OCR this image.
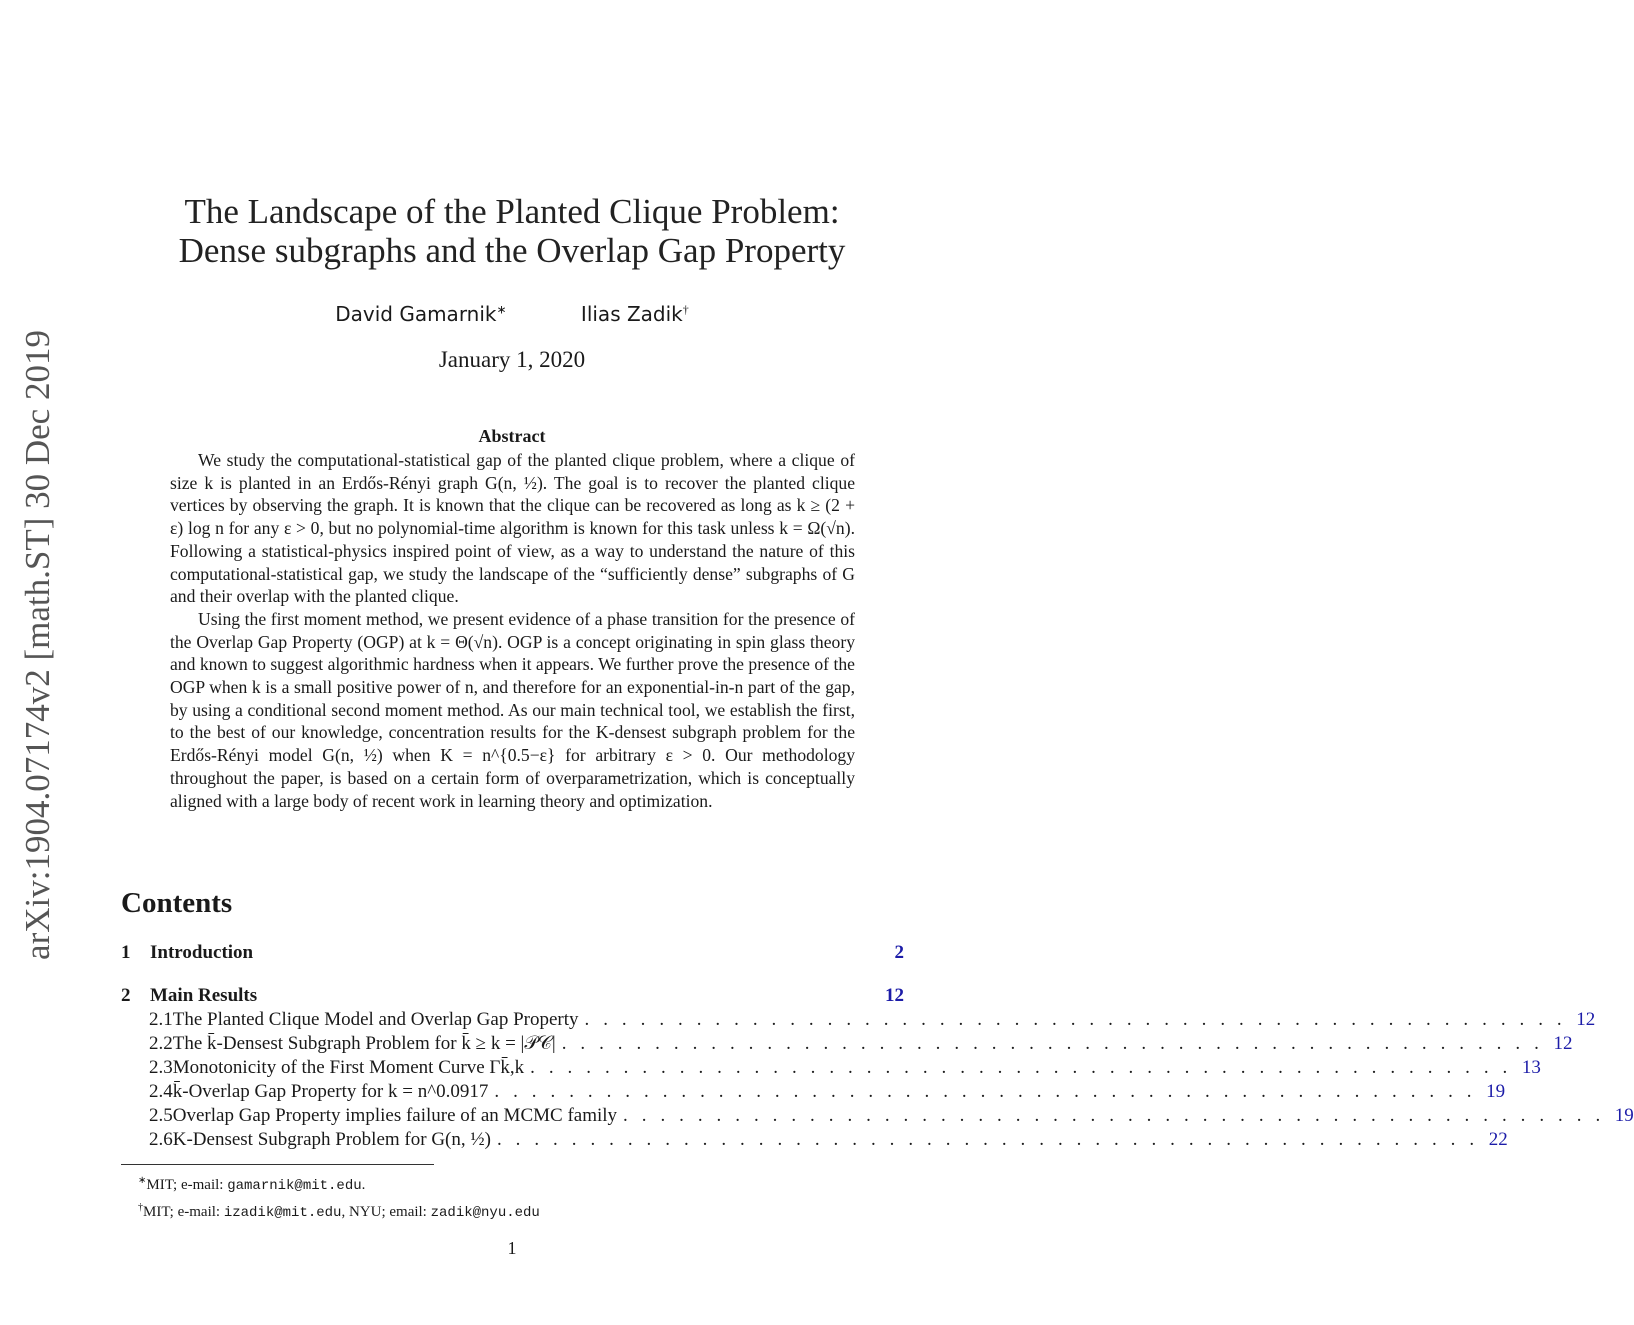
arXiv:1904.07174v2 [math.ST] 30 Dec 2019
The Landscape of the Planted Clique Problem:
Dense subgraphs and the Overlap Gap Property
David Gamarnik∗	Ilias Zadik†
January 1, 2020
Abstract

We study the computational-statistical gap of the planted clique problem, where a clique of size k is planted in an Erdős-Rényi graph G(n, ½). The goal is to recover the planted clique vertices by observing the graph. It is known that the clique can be recovered as long as k ≥ (2 + ε) log n for any ε > 0, but no polynomial-time algorithm is known for this task unless k = Ω(√n). Following a statistical-physics inspired point of view, as a way to understand the nature of this computational-statistical gap, we study the landscape of the “sufficiently dense” subgraphs of G and their overlap with the planted clique.

Using the first moment method, we present evidence of a phase transition for the presence of the Overlap Gap Property (OGP) at k = Θ(√n). OGP is a concept originating in spin glass theory and known to suggest algorithmic hardness when it appears. We further prove the presence of the OGP when k is a small positive power of n, and therefore for an exponential-in-n part of the gap, by using a conditional second moment method. As our main technical tool, we establish the first, to the best of our knowledge, concentration results for the K-densest subgraph problem for the Erdős-Rényi model G(n, ½) when K = n^{0.5−ε} for arbitrary ε > 0. Our methodology throughout the paper, is based on a certain form of overparametrization, which is conceptually aligned with a large body of recent work in learning theory and optimization.

Contents
1	Introduction	2
2	Main Results	12
2.1 The Planted Clique Model and Overlap Gap Property . . . . . . . . . . . . . . . . . . . . . . . . . . . . . . . . . . . . . . . . . . . . . . . . . . . . . 12
2.2 The k̄-Densest Subgraph Problem for k̄ ≥ k = |𝒫𝒞| . . . . . . . . . . . . . . . . . . . . . . . . . . . . . . . . . . . . . . . . . . . . . . . . . . . . . 12
2.3 Monotonicity of the First Moment Curve Γk̄,k . . . . . . . . . . . . . . . . . . . . . . . . . . . . . . . . . . . . . . . . . . . . . . . . . . . . . 13
2.4 k̄-Overlap Gap Property for k = n^0.0917 . . . . . . . . . . . . . . . . . . . . . . . . . . . . . . . . . . . . . . . . . . . . . . . . . . . . . 19
2.5 Overlap Gap Property implies failure of an MCMC family . . . . . . . . . . . . . . . . . . . . . . . . . . . . . . . . . . . . . . . . . . . . . . . . . . . . . 19
2.6 K-Densest Subgraph Problem for G(n, ½) . . . . . . . . . . . . . . . . . . . . . . . . . . . . . . . . . . . . . . . . . . . . . . . . . . . . . 22
∗MIT; e-mail: gamarnik@mit.edu.
†MIT; e-mail: izadik@mit.edu, NYU; email: zadik@nyu.edu
1
